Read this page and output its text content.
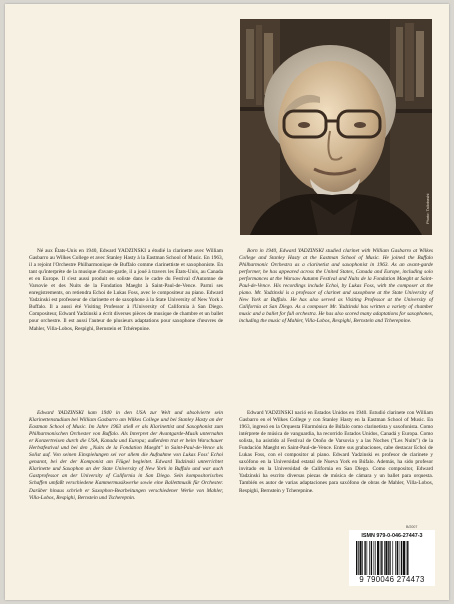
Photo: Tallobashi

Né aux États-Unis en 1940, Edward YADZINSKI a étudié la clarinette avec William Gasbarro au Wilkes College et avec Stanley Hasty à la Eastman School of Music. En 1963, il a rejoint l'Orchestre Philharmonique de Buffalo comme clarinettiste et saxophoniste. En tant qu'interprète de la musique d'avant-garde, il a joué à travers les États-Unis, au Canada et en Europe. Il s'est aussi produit en soliste dans le cadre du Festival d'Automne de Varsovie et des Nuits de la Fondation Maeght à Saint-Paul-de-Vence. Parmi ses enregistrements, on retiendra Echoi de Lukas Foss, avec le compositeur au piano. Edward Yadzinski est professeur de clarinette et de saxophone à la State University of New York à Buffalo. Il a aussi été Visiting Professor à l'University of California à San Diego. Compositeur, Edward Yadzinski a écrit diverses pièces de musique de chambre et un ballet pour orchestre. Il est aussi l'auteur de plusieurs adaptations pour saxophone d'œuvres de Mahler, Villa-Lobos, Respighi, Bernstein et Tchérepnine.

Born in 1940, Edward YADZINSKI studied clarinet with William Gasbarro at Wilkes College and Stanley Hasty at the Eastman School of Music. He joined the Buffalo Philharmonic Orchestra as a clarinetist and saxophonist in 1963. As an avant-garde performer, he has appeared across the United States, Canada and Europe, including solo performances at the Warsaw Autumn Festival and Nuits de la Fondation Maeght at Saint-Paul-de-Vence. His recordings include Echoi, by Lukas Foss, with the composer at the piano. Mr. Yadzinski is a professor of clarinet and saxophone at the State University of New York at Buffalo. He has also served as Visiting Professor at the University of California at San Diego. As a composer Mr. Yadzinski has written a variety of chamber music and a ballet for full orchestra. He has also scored many adaptations for saxophones, including the music of Mahler, Villa-Lobos, Respighi, Bernstein and Tcherepnine.

Edward YADZINSKI kam 1940 in den USA zur Welt und absolvierte sein Klarinettenstudium bei William Gasbarro am Wilkes College und bei Stanley Hasty an der Eastman School of Music. Im Jahre 1963 stieß er als Klarinettist und Saxophonist zum Philharmonischen Orchester von Buffalo. Als Interpret der Avantgarde-Musik unternahm er Konzertreisen durch die USA, Kanada und Europa; außerdem trat er beim Warschauer Herbstfestival und bei den „Nuits de la Fondation Maeght" in Saint-Paul-de-Vence als Solist auf. Von seinen Einspielungen sei vor allem die Aufnahme von Lukas Foss' Echoi genannt, bei der der Komponist am Flügel begleitet. Edward Yadzinski unterrichtet Klarinette und Saxophon an der State University of New York in Buffalo und war auch Gastprofessor an der University of California in San Diego. Sein kompositorisches Schaffen umfaßt verschiedene Kammermusikwerke sowie eine Ballettmusik für Orchester. Darüber hinaus schrieb er Saxophon-Bearbeitungen verschiedener Werke von Mahler, Villa-Lobos, Respighi, Bernstein und Tscherepnin.

Edward YADZINSKI nació en Estados Unidos en 1940. Estudió clarinete con William Gasbarro en el Wilkes College y con Stanley Hasty en la Eastman School of Music. En 1963, ingresó en la Orquesta Filarmónica de Búfalo como clarinetista y saxofonista. Como intérprete de música de vanguardia, ha recorrido Estados Unidos, Canadá y Europa. Como solista, ha asistido al Festival de Otoño de Varsovia y a las Noches ("Les Nuits") de la Fundación Maeght en Saint-Paul-de-Vence. Entre sus grabaciones, cabe destacar Echoi de Lukas Foss, con el compositor al piano. Edward Yadzinski es profesor de clarinete y saxófono en la Universidad estatal de Nueva York en Búfalo. Además, ha sido profesor invitado en la Universidad de California en San Diego. Como compositor, Edward Yadzinski ha escrito diversas piezas de música de cámara y un ballet para orquesta. También es autor de varias adaptaciones para saxófono de obras de Mahler, Villa-Lobos, Respighi, Bernstein y Tcherepnine.

B/2007
ISMN 979-0-046-27447-3
9 790046 274473
